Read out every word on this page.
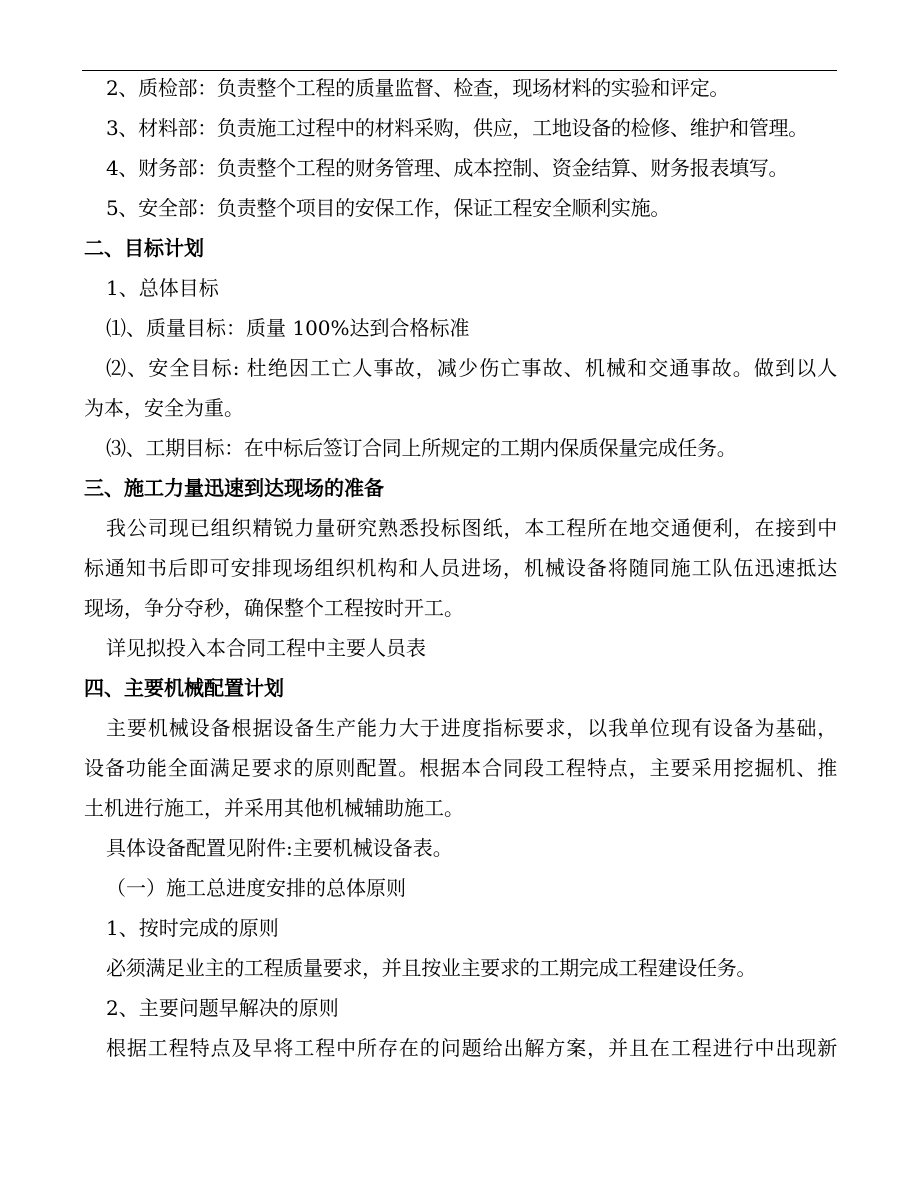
2、质检部：负责整个工程的质量监督、检查，现场材料的实验和评定。
3、材料部：负责施工过程中的材料采购，供应，工地设备的检修、维护和管理。
4、财务部：负责整个工程的财务管理、成本控制、资金结算、财务报表填写。
5、安全部：负责整个项目的安保工作，保证工程安全顺利实施。
二、目标计划
1、总体目标
⑴、质量目标：质量 100%达到合格标准
⑵、安全目标: 杜绝因工亡人事故，减少伤亡事故、机械和交通事故。做到以人
为本，安全为重。
⑶、工期目标：在中标后签订合同上所规定的工期内保质保量完成任务。
三、施工力量迅速到达现场的准备
我公司现已组织精锐力量研究熟悉投标图纸，本工程所在地交通便利，在接到中
标通知书后即可安排现场组织机构和人员进场，机械设备将随同施工队伍迅速抵达
现场，争分夺秒，确保整个工程按时开工。
详见拟投入本合同工程中主要人员表
四、主要机械配置计划
主要机械设备根据设备生产能力大于进度指标要求，以我单位现有设备为基础，
设备功能全面满足要求的原则配置。根据本合同段工程特点，主要采用挖掘机、推
土机进行施工，并采用其他机械辅助施工。
具体设备配置见附件:主要机械设备表。
（一）施工总进度安排的总体原则
1、按时完成的原则
必须满足业主的工程质量要求，并且按业主要求的工期完成工程建设任务。
2、主要问题早解决的原则
根据工程特点及早将工程中所存在的问题给出解方案，并且在工程进行中出现新
